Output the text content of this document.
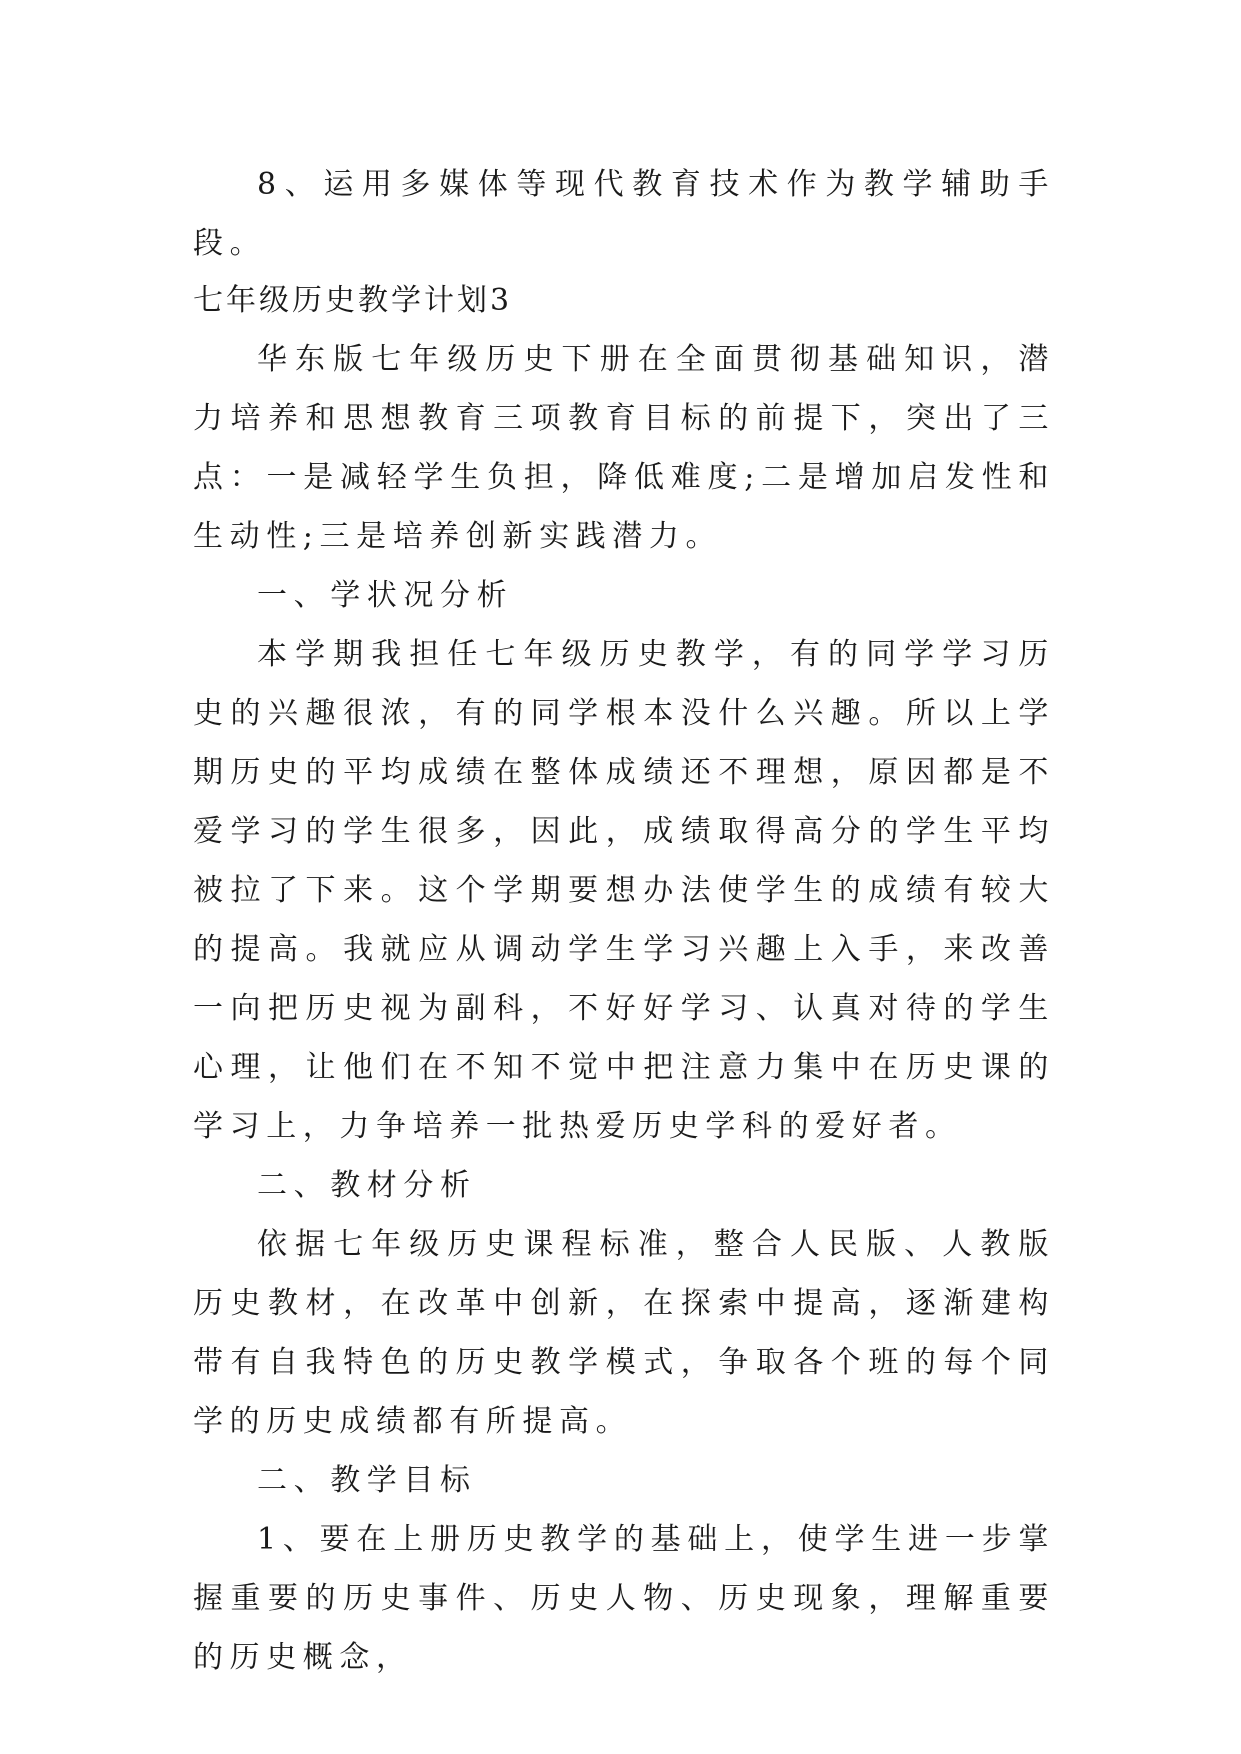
8、运用多媒体等现代教育技术作为教学辅助手段。

七年级历史教学计划3

华东版七年级历史下册在全面贯彻基础知识，潜力培养和思想教育三项教育目标的前提下，突出了三点：一是减轻学生负担，降低难度;二是增加启发性和生动性;三是培养创新实践潜力。

一、学状况分析

本学期我担任七年级历史教学，有的同学学习历史的兴趣很浓，有的同学根本没什么兴趣。所以上学期历史的平均成绩在整体成绩还不理想，原因都是不爱学习的学生很多，因此，成绩取得高分的学生平均被拉了下来。这个学期要想办法使学生的成绩有较大的提高。我就应从调动学生学习兴趣上入手，来改善一向把历史视为副科，不好好学习、认真对待的学生心理，让他们在不知不觉中把注意力集中在历史课的学习上，力争培养一批热爱历史学科的爱好者。

二、教材分析

依据七年级历史课程标准，整合人民版、人教版历史教材，在改革中创新，在探索中提高，逐渐建构带有自我特色的历史教学模式，争取各个班的每个同学的历史成绩都有所提高。

二、教学目标

1、要在上册历史教学的基础上，使学生进一步掌握重要的历史事件、历史人物、历史现象，理解重要的历史概念，
